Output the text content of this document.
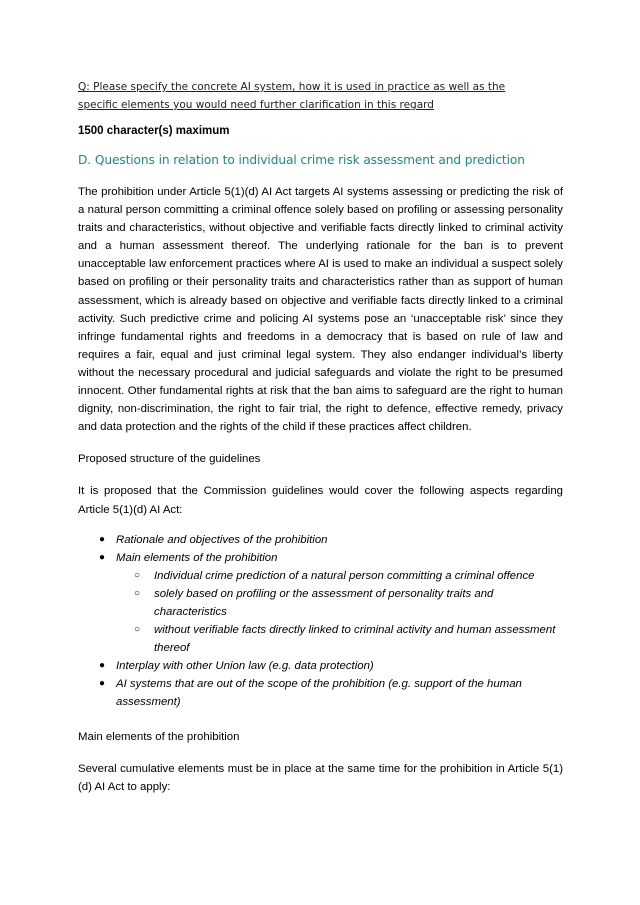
Q: Please specify the concrete AI system, how it is used in practice as well as the
specific elements you would need further clarification in this regard

1500 character(s) maximum

D. Questions in relation to individual crime risk assessment and prediction

The prohibition under Article 5(1)(d) AI Act targets AI systems assessing or predicting the risk of a natural person committing a criminal offence solely based on profiling or assessing personality traits and characteristics, without objective and verifiable facts directly linked to criminal activity and a human assessment thereof. The underlying rationale for the ban is to prevent unacceptable law enforcement practices where AI is used to make an individual a suspect solely based on profiling or their personality traits and characteristics rather than as support of human assessment, which is already based on objective and verifiable facts directly linked to a criminal activity. Such predictive crime and policing AI systems pose an ‘unacceptable risk’ since they infringe fundamental rights and freedoms in a democracy that is based on rule of law and requires a fair, equal and just criminal legal system. They also endanger individual’s liberty without the necessary procedural and judicial safeguards and violate the right to be presumed innocent. Other fundamental rights at risk that the ban aims to safeguard are the right to human dignity, non-discrimination, the right to fair trial, the right to defence, effective remedy, privacy and data protection and the rights of the child if these practices affect children.

Proposed structure of the guidelines

It is proposed that the Commission guidelines would cover the following aspects regarding Article 5(1)(d) AI Act:

● Rationale and objectives of the prohibition
● Main elements of the prohibition
○ Individual crime prediction of a natural person committing a criminal offence
○ solely based on profiling or the assessment of personality traits and characteristics
○ without verifiable facts directly linked to criminal activity and human assessment thereof
● Interplay with other Union law (e.g. data protection)
● AI systems that are out of the scope of the prohibition (e.g. support of the human assessment)

Main elements of the prohibition

Several cumulative elements must be in place at the same time for the prohibition in Article 5(1)(d) AI Act to apply:
